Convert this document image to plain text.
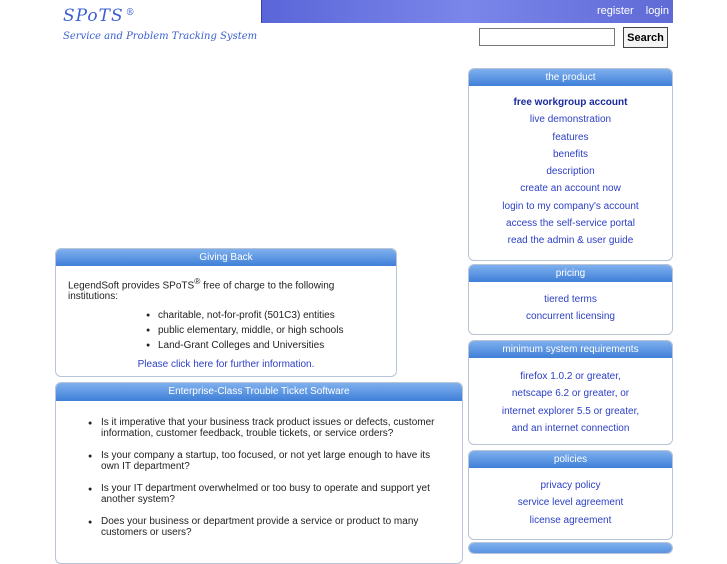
SPoTS ®
Service and Problem Tracking System
register login
Search
the product
free workgroup account
live demonstration
features
benefits
description
create an account now
login to my company's account
access the self-service portal
read the admin & user guide
pricing
tiered terms
concurrent licensing
minimum system requirements
firefox 1.0.2 or greater,
netscape 6.2 or greater, or
internet explorer 5.5 or greater,
and an internet connection
policies
privacy policy
service level agreement
license agreement
Giving Back

LegendSoft provides SPoTS® free of charge to the following institutions:

● charitable, not-for-profit (501C3) entities
● public elementary, middle, or high schools
● Land-Grant Colleges and Universities
Please click here for further information.
Enterprise-Class Trouble Ticket Software
● Is it imperative that your business track product issues or defects, customer information, customer feedback, trouble tickets, or service orders?
● Is your company a startup, too focused, or not yet large enough to have its own IT department?
● Is your IT department overwhelmed or too busy to operate and support yet another system?
● Does your business or department provide a service or product to many customers or users?
